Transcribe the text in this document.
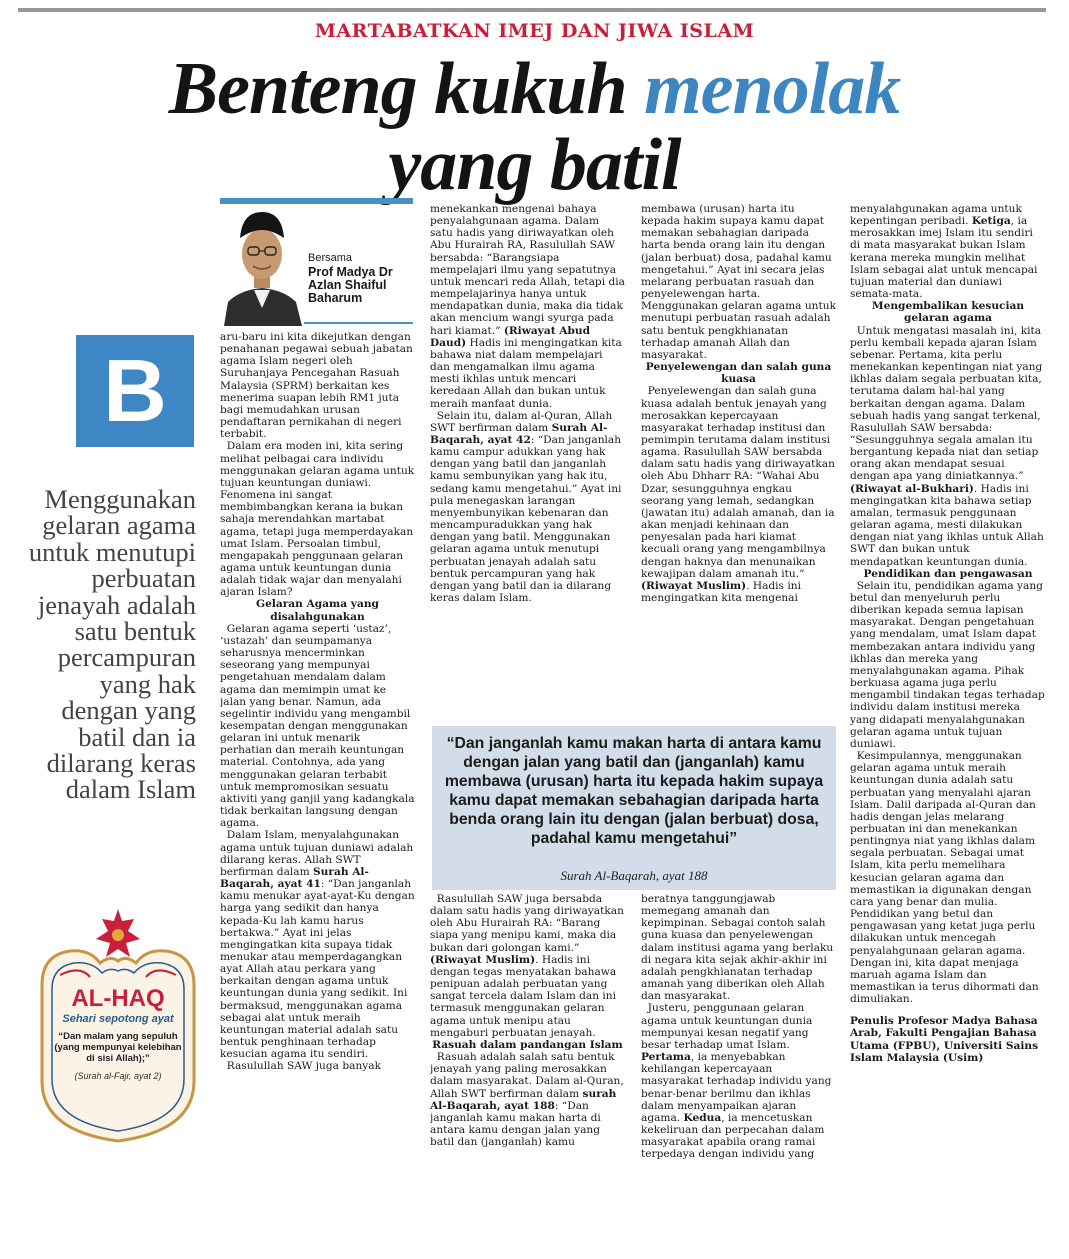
MARTABATKAN IMEJ DAN JIWA ISLAM
Benteng kukuh menolak
yang batil
Bersama
Prof Madya Dr Azlan Shaiful Baharum
B
Menggunakan gelaran agama untuk menutupi perbuatan jenayah adalah satu bentuk percampuran yang hak dengan yang batil dan ia dilarang keras dalam Islam
AL-HAQ
Sehari sepotong ayat
“Dan malam yang sepuluh (yang mempunyai kelebihan di sisi Allah);”
(Surah al-Fajr, ayat 2)

aru-baru ini kita dikejutkan dengan penahanan pegawai sebuah jabatan agama Islam negeri oleh Suruhanjaya Pencegahan Rasuah Malaysia (SPRM) berkaitan kes menerima suapan lebih RM1 juta bagi memudahkan urusan pendaftaran pernikahan di negeri terbabit.

Dalam era moden ini, kita sering melihat pelbagai cara individu menggunakan gelaran agama untuk tujuan keuntungan duniawi. Fenomena ini sangat membimbangkan kerana ia bukan sahaja merendahkan martabat agama, tetapi juga memperdayakan umat Islam. Persoalan timbul, mengapakah penggunaan gelaran agama untuk keuntungan dunia adalah tidak wajar dan menyalahi ajaran Islam?

Gelaran Agama yang disalahgunakan

Gelaran agama seperti ‘ustaz’, ‘ustazah’ dan seumpamanya seharusnya mencerminkan seseorang yang mempunyai pengetahuan mendalam dalam agama dan memimpin umat ke jalan yang benar. Namun, ada segelintir individu yang mengambil kesempatan dengan menggunakan gelaran ini untuk menarik perhatian dan meraih keuntungan material. Contohnya, ada yang menggunakan gelaran terbabit untuk mempromosikan sesuatu aktiviti yang ganjil yang kadangkala tidak berkaitan langsung dengan agama.

Dalam Islam, menyalahgunakan agama untuk tujuan duniawi adalah dilarang keras. Allah SWT berfirman dalam Surah Al-Baqarah, ayat 41: “Dan janganlah kamu menukar ayat-ayat-Ku dengan harga yang sedikit dan hanya kepada-Ku lah kamu harus bertakwa.” Ayat ini jelas mengingatkan kita supaya tidak menukar atau memperdagangkan ayat Allah atau perkara yang berkaitan dengan agama untuk keuntungan dunia yang sedikit. Ini bermaksud, menggunakan agama sebagai alat untuk meraih keuntungan material adalah satu bentuk penghinaan terhadap kesucian agama itu sendiri.

Rasulullah SAW juga banyak

menekankan mengenai bahaya penyalahgunaan agama. Dalam satu hadis yang diriwayatkan oleh Abu Hurairah RA, Rasulullah SAW bersabda: “Barangsiapa mempelajari ilmu yang sepatutnya untuk mencari reda Allah, tetapi dia mempelajarinya hanya untuk mendapatkan dunia, maka dia tidak akan mencium wangi syurga pada hari kiamat.” (Riwayat Abud Daud) Hadis ini mengingatkan kita bahawa niat dalam mempelajari dan mengamalkan ilmu agama mesti ikhlas untuk mencari keredaan Allah dan bukan untuk meraih manfaat dunia.

Selain itu, dalam al-Quran, Allah SWT berfirman dalam Surah Al-Baqarah, ayat 42: “Dan janganlah kamu campur adukkan yang hak dengan yang batil dan janganlah kamu sembunyikan yang hak itu, sedang kamu mengetahui.” Ayat ini pula menegaskan larangan menyembunyikan kebenaran dan mencampuradukkan yang hak dengan yang batil. Menggunakan gelaran agama untuk menutupi perbuatan jenayah adalah satu bentuk percampuran yang hak dengan yang batil dan ia dilarang keras dalam Islam.

membawa (urusan) harta itu kepada hakim supaya kamu dapat memakan sebahagian daripada harta benda orang lain itu dengan (jalan berbuat) dosa, padahal kamu mengetahui.” Ayat ini secara jelas melarang perbuatan rasuah dan penyelewengan harta. Menggunakan gelaran agama untuk menutupi perbuatan rasuah adalah satu bentuk pengkhianatan terhadap amanah Allah dan masyarakat.

Penyelewengan dan salah guna kuasa

Penyelewengan dan salah guna kuasa adalah bentuk jenayah yang merosakkan kepercayaan masyarakat terhadap institusi dan pemimpin terutama dalam institusi agama. Rasulullah SAW bersabda dalam satu hadis yang diriwayatkan oleh Abu Dhharr RA: “Wahai Abu Dzar, sesungguhnya engkau seorang yang lemah, sedangkan (jawatan itu) adalah amanah, dan ia akan menjadi kehinaan dan penyesalan pada hari kiamat kecuali orang yang mengambilnya dengan haknya dan menunaikan kewajipan dalam amanah itu.” (Riwayat Muslim). Hadis ini mengingatkan kita mengenai

menyalahgunakan agama untuk kepentingan peribadi. Ketiga, ia merosakkan imej Islam itu sendiri di mata masyarakat bukan Islam kerana mereka mungkin melihat Islam sebagai alat untuk mencapai tujuan material dan duniawi semata-mata.

Mengembalikan kesucian gelaran agama

Untuk mengatasi masalah ini, kita perlu kembali kepada ajaran Islam sebenar. Pertama, kita perlu menekankan kepentingan niat yang ikhlas dalam segala perbuatan kita, terutama dalam hal-hal yang berkaitan dengan agama. Dalam sebuah hadis yang sangat terkenal, Rasulullah SAW bersabda: “Sesungguhnya segala amalan itu bergantung kepada niat dan setiap orang akan mendapat sesuai dengan apa yang diniatkannya.” (Riwayat al-Bukhari). Hadis ini mengingatkan kita bahawa setiap amalan, termasuk penggunaan gelaran agama, mesti dilakukan dengan niat yang ikhlas untuk Allah SWT dan bukan untuk mendapatkan keuntungan dunia.

Pendidikan dan pengawasan

Selain itu, pendidikan agama yang betul dan menyeluruh perlu diberikan kepada semua lapisan masyarakat. Dengan pengetahuan yang mendalam, umat Islam dapat membezakan antara individu yang ikhlas dan mereka yang menyalahgunakan agama. Pihak berkuasa agama juga perlu mengambil tindakan tegas terhadap individu dalam institusi mereka yang didapati menyalahgunakan gelaran agama untuk tujuan duniawi.

Kesimpulannya, menggunakan gelaran agama untuk meraih keuntungan dunia adalah satu perbuatan yang menyalahi ajaran Islam. Dalil daripada al-Quran dan hadis dengan jelas melarang perbuatan ini dan menekankan pentingnya niat yang ikhlas dalam segala perbuatan. Sebagai umat Islam, kita perlu memelihara kesucian gelaran agama dan memastikan ia digunakan dengan cara yang benar dan mulia. Pendidikan yang betul dan pengawasan yang ketat juga perlu dilakukan untuk mencegah penyalahgunaan gelaran agama. Dengan ini, kita dapat menjaga maruah agama Islam dan memastikan ia terus dihormati dan dimuliakan.

Penulis Profesor Madya Bahasa Arab, Fakulti Pengajian Bahasa Utama (FPBU), Universiti Sains Islam Malaysia (Usim)

“Dan janganlah kamu makan harta di antara kamu dengan jalan yang batil dan (janganlah) kamu membawa (urusan) harta itu kepada hakim supaya kamu dapat memakan sebahagian daripada harta benda orang lain itu dengan (jalan berbuat) dosa, padahal kamu mengetahui”
Surah Al-Baqarah, ayat 188

Rasulullah SAW juga bersabda dalam satu hadis yang diriwayatkan oleh Abu Hurairah RA: “Barang siapa yang menipu kami, maka dia bukan dari golongan kami.” (Riwayat Muslim). Hadis ini dengan tegas menyatakan bahawa penipuan adalah perbuatan yang sangat tercela dalam Islam dan ini termasuk menggunakan gelaran agama untuk menipu atau mengaburi perbuatan jenayah.

Rasuah dalam pandangan Islam

Rasuah adalah salah satu bentuk jenayah yang paling merosakkan dalam masyarakat. Dalam al-Quran, Allah SWT berfirman dalam surah Al-Baqarah, ayat 188: “Dan janganlah kamu makan harta di antara kamu dengan jalan yang batil dan (janganlah) kamu

beratnya tanggungjawab memegang amanah dan kepimpinan. Sebagai contoh salah guna kuasa dan penyelewengan dalam institusi agama yang berlaku di negara kita sejak akhir-akhir ini adalah pengkhianatan terhadap amanah yang diberikan oleh Allah dan masyarakat.

Justeru, penggunaan gelaran agama untuk keuntungan dunia mempunyai kesan negatif yang besar terhadap umat Islam.

Pertama, ia menyebabkan kehilangan kepercayaan masyarakat terhadap individu yang benar-benar berilmu dan ikhlas dalam menyampaikan ajaran agama. Kedua, ia mencetuskan kekeliruan dan perpecahan dalam masyarakat apabila orang ramai terpedaya dengan individu yang
